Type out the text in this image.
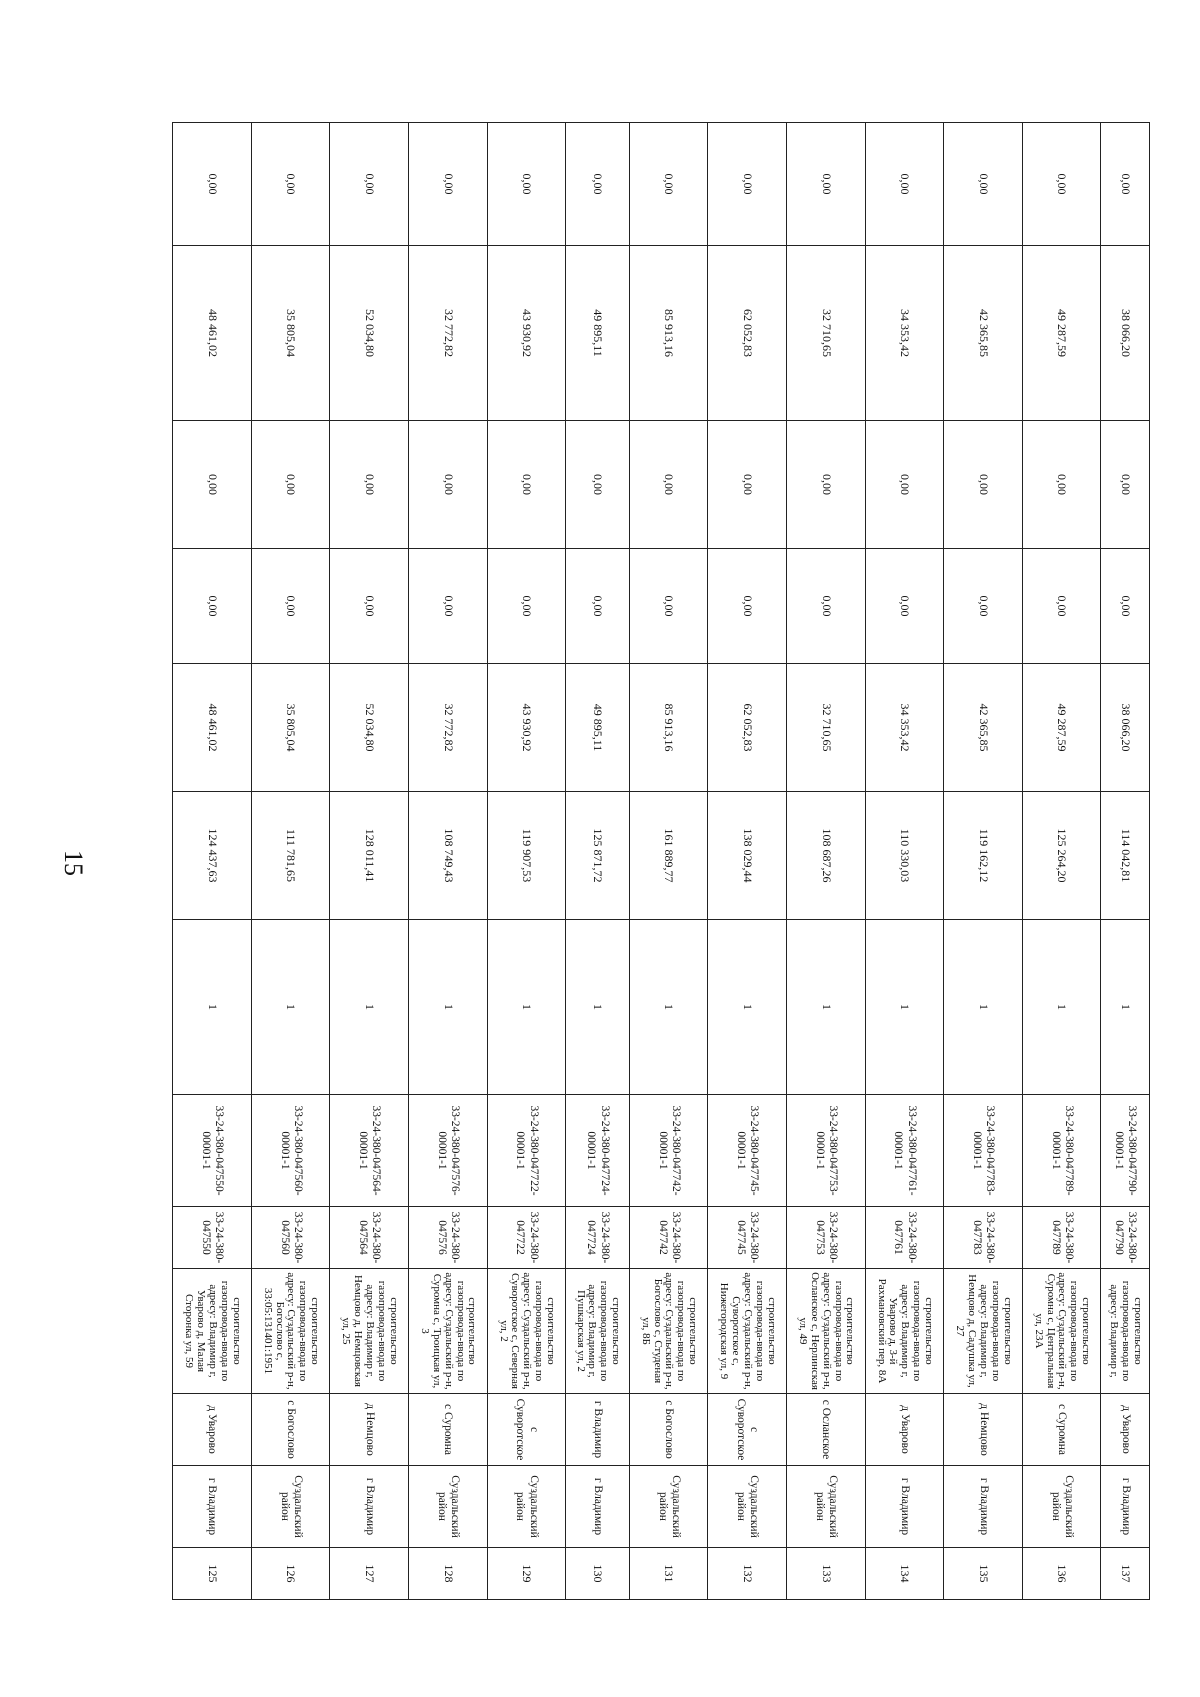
15
0,00	38 066,20	0,00	0,00	38 066,20	114 042,81	1	33-24-380-047790-00001-1	33-24-380-047790	строительство газопровода-ввода по адресу: Владимир г,	д Уварово	г Владимир	137
0,00	49 287,59	0,00	0,00	49 287,59	125 264,20	1	33-24-380-047789-00001-1	33-24-380-047789	строительство газопровода-ввода по адресу: Суздальский р-н, Суромна с, Центральная ул, 23А	с Суромна	Суздальский район	136
0,00	42 365,85	0,00	0,00	42 365,85	119 162,12	1	33-24-380-047783-00001-1	33-24-380-047783	строительство газопровода-ввода по адресу: Владимир г, Немцово д, Садушка ул, 27	д Немцово	г Владимир	135
0,00	34 353,42	0,00	0,00	34 353,42	110 330,03	1	33-24-380-047761-00001-1	33-24-380-047761	строительство газопровода-ввода по адресу: Владимир г, Уварово д, 3-й Рахмановский пер, 8А	д Уварово	г Владимир	134
0,00	32 710,65	0,00	0,00	32 710,65	108 687,26	1	33-24-380-047753-00001-1	33-24-380-047753	строительство газопровода-ввода по адресу: Суздальский р-н, Осланское с, Нерлинская ул, 49	с Осланское	Суздальский район	133
0,00	62 052,83	0,00	0,00	62 052,83	138 029,44	1	33-24-380-047745-00001-1	33-24-380-047745	строительство газопровода-ввода по адресу: Суздальский р-н, Суворотское с, Нижегородская ул, 9	с Суворотское	Суздальский район	132
0,00	85 913,16	0,00	0,00	85 913,16	161 889,77	1	33-24-380-047742-00001-1	33-24-380-047742	строительство газопровода-ввода по адресу: Суздальский р-н, Богослово с, Студеная ул, 8Б	с Богослово	Суздальский район	131
0,00	49 895,11	0,00	0,00	49 895,11	125 871,72	1	33-24-380-047724-00001-1	33-24-380-047724	строительство газопровода-ввода по адресу: Владимир г, Пушкарская ул, 2	г Владимир	г Владимир	130
0,00	43 930,92	0,00	0,00	43 930,92	119 907,53	1	33-24-380-047722-00001-1	33-24-380-047722	строительство газопровода-ввода по адресу: Суздальский р-н, Суворотское с, Северная ул, 2	с Суворотское	Суздальский район	129
0,00	32 772,82	0,00	0,00	32 772,82	108 749,43	1	33-24-380-047576-00001-1	33-24-380-047576	строительство газопровода-ввода по адресу: Суздальский р-н, Суромна с, Троицкая ул, 3	с Суромна	Суздальский район	128
0,00	52 034,80	0,00	0,00	52 034,80	128 011,41	1	33-24-380-047564-00001-1	33-24-380-047564	строительство газопровода-ввода по адресу: Владимир г, Немцово д, Немцовская ул, 25	д Немцово	г Владимир	127
0,00	35 805,04	0,00	0,00	35 805,04	111 781,65	1	33-24-380-047560-00001-1	33-24-380-047560	строительство газопровода-ввода по адресу: Суздальский р-н, Богослово с, 33:05:131401:1951	с Богослово	Суздальский район	126
0,00	48 461,02	0,00	0,00	48 461,02	124 437,63	1	33-24-380-047550-00001-1	33-24-380-047550	строительство газопровода-ввода по адресу: Владимир г, Уварово д, Малая Сторонка ул, 59	д Уварово	г Владимир	125
